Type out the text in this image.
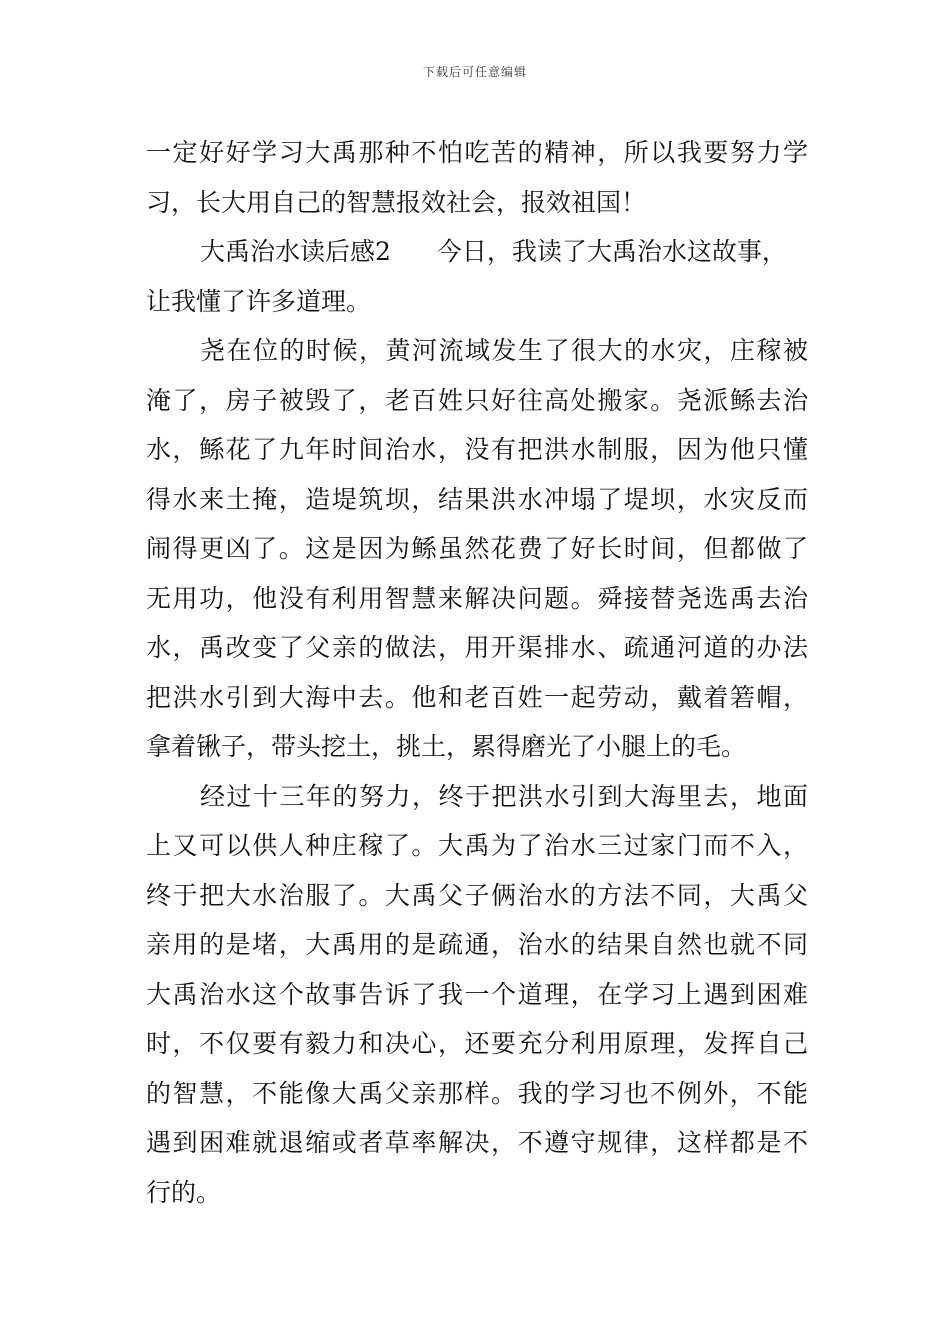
下载后可任意编辑
一定好好学习大禹那种不怕吃苦的精神，所以我要努力学
习，长大用自己的智慧报效社会，报效祖国！
大禹治水读后感2 今日，我读了大禹治水这故事，
让我懂了许多道理。
尧在位的时候，黄河流域发生了很大的水灾，庄稼被
淹了，房子被毁了，老百姓只好往高处搬家。尧派鲧去治
水，鲧花了九年时间治水，没有把洪水制服，因为他只懂
得水来土掩，造堤筑坝，结果洪水冲塌了堤坝，水灾反而
闹得更凶了。这是因为鲧虽然花费了好长时间，但都做了
无用功，他没有利用智慧来解决问题。舜接替尧选禹去治
水，禹改变了父亲的做法，用开渠排水、疏通河道的办法
把洪水引到大海中去。他和老百姓一起劳动，戴着箬帽，
拿着锹子，带头挖土，挑土，累得磨光了小腿上的毛。
经过十三年的努力，终于把洪水引到大海里去，地面
上又可以供人种庄稼了。大禹为了治水三过家门而不入，
终于把大水治服了。大禹父子俩治水的方法不同，大禹父
亲用的是堵，大禹用的是疏通，治水的结果自然也就不同
大禹治水这个故事告诉了我一个道理，在学习上遇到困难
时，不仅要有毅力和决心，还要充分利用原理，发挥自己
的智慧，不能像大禹父亲那样。我的学习也不例外，不能
遇到困难就退缩或者草率解决，不遵守规律，这样都是不
行的。
